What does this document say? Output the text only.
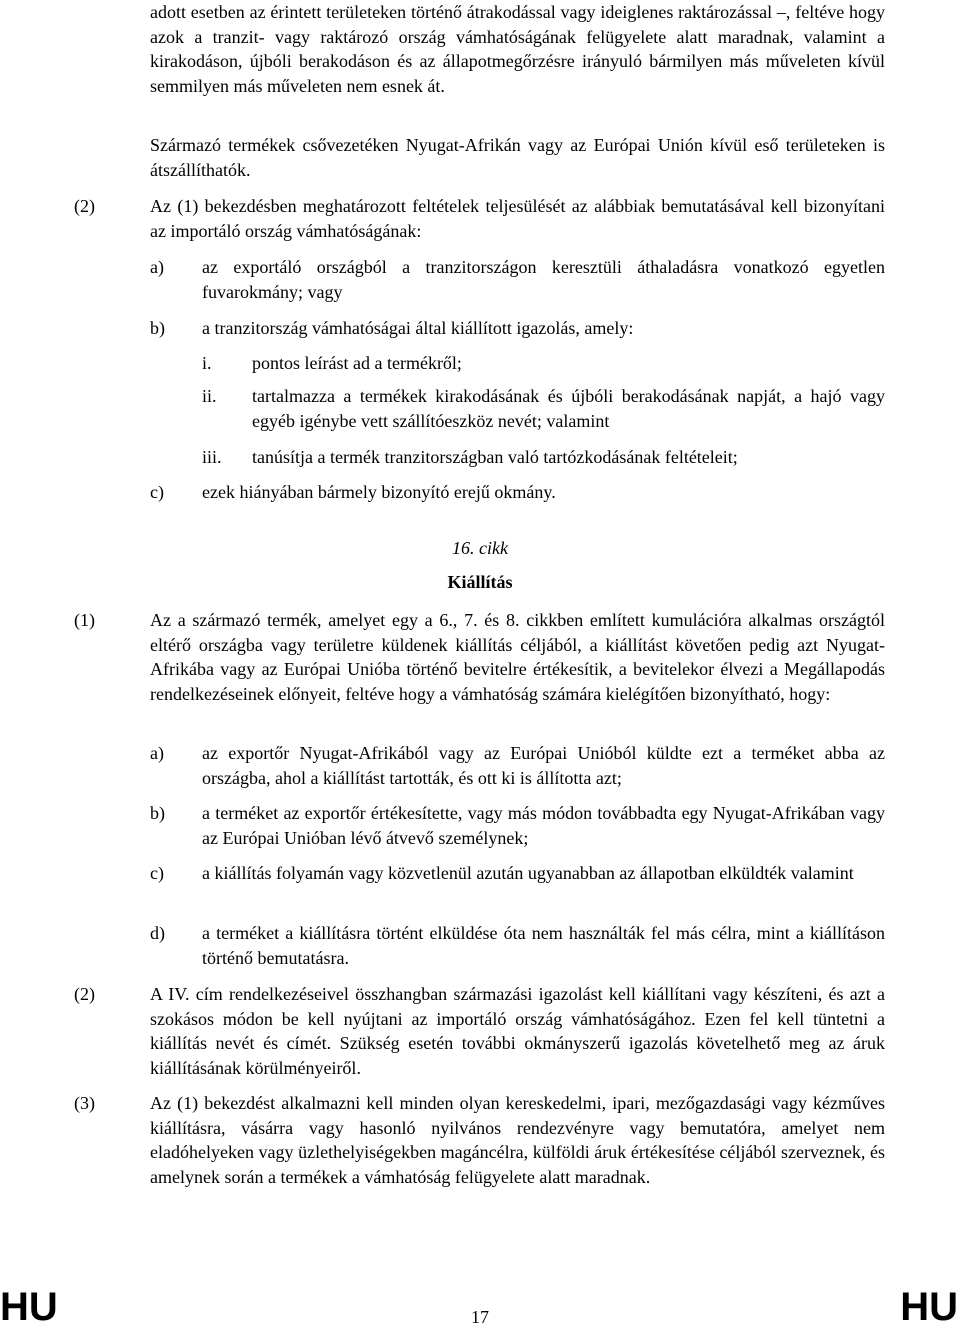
adott esetben az érintett területeken történő átrakodással vagy ideiglenes raktározással –, feltéve hogy azok a tranzit- vagy raktározó ország vámhatóságának felügyelete alatt maradnak, valamint a kirakodáson, újbóli berakodáson és az állapotmegőrzésre irányuló bármilyen más műveleten kívül semmilyen más műveleten nem esnek át.
Származó termékek csővezetéken Nyugat-Afrikán vagy az Európai Unión kívül eső területeken is átszállíthatók.
(2)	Az (1) bekezdésben meghatározott feltételek teljesülését az alábbiak bemutatásával kell bizonyítani az importáló ország vámhatóságának:
a) az exportáló országból a tranzitországon keresztüli áthaladásra vonatkozó egyetlen fuvarokmány; vagy
b) a tranzitország vámhatóságai által kiállított igazolás, amely:
i. pontos leírást ad a termékről;
ii. tartalmazza a termékek kirakodásának és újbóli berakodásának napját, a hajó vagy egyéb igénybe vett szállítóeszköz nevét; valamint
iii. tanúsítja a termék tranzitországban való tartózkodásának feltételeit;
c) ezek hiányában bármely bizonyító erejű okmány.
16. cikk
Kiállítás
(1)	Az a származó termék, amelyet egy a 6., 7. és 8. cikkben említett kumulációra alkalmas országtól eltérő országba vagy területre küldenek kiállítás céljából, a kiállítást követően pedig azt Nyugat-Afrikába vagy az Európai Unióba történő bevitelre értékesítik, a bevitelekor élvezi a Megállapodás rendelkezéseinek előnyeit, feltéve hogy a vámhatóság számára kielégítően bizonyítható, hogy:
a) az exportőr Nyugat-Afrikából vagy az Európai Unióból küldte ezt a terméket abba az országba, ahol a kiállítást tartották, és ott ki is állította azt;
b) a terméket az exportőr értékesítette, vagy más módon továbbadta egy Nyugat-Afrikában vagy az Európai Unióban lévő átvevő személynek;
c) a kiállítás folyamán vagy közvetlenül azután ugyanabban az állapotban elküldték valamint
d) a terméket a kiállításra történt elküldése óta nem használták fel más célra, mint a kiállításon történő bemutatásra.
(2)	A IV. cím rendelkezéseivel összhangban származási igazolást kell kiállítani vagy készíteni, és azt a szokásos módon be kell nyújtani az importáló ország vámhatóságához. Ezen fel kell tüntetni a kiállítás nevét és címét. Szükség esetén további okmányszerű igazolás követelhető meg az áruk kiállításának körülményeiről.
(3)	Az (1) bekezdést alkalmazni kell minden olyan kereskedelmi, ipari, mezőgazdasági vagy kézműves kiállításra, vásárra vagy hasonló nyilvános rendezvényre vagy bemutatóra, amelyet nem eladóhelyeken vagy üzlethelyiségekben magáncélra, külföldi áruk értékesítése céljából szerveznek, és amelynek során a termékek a vámhatóság felügyelete alatt maradnak.
HU	17	HU
